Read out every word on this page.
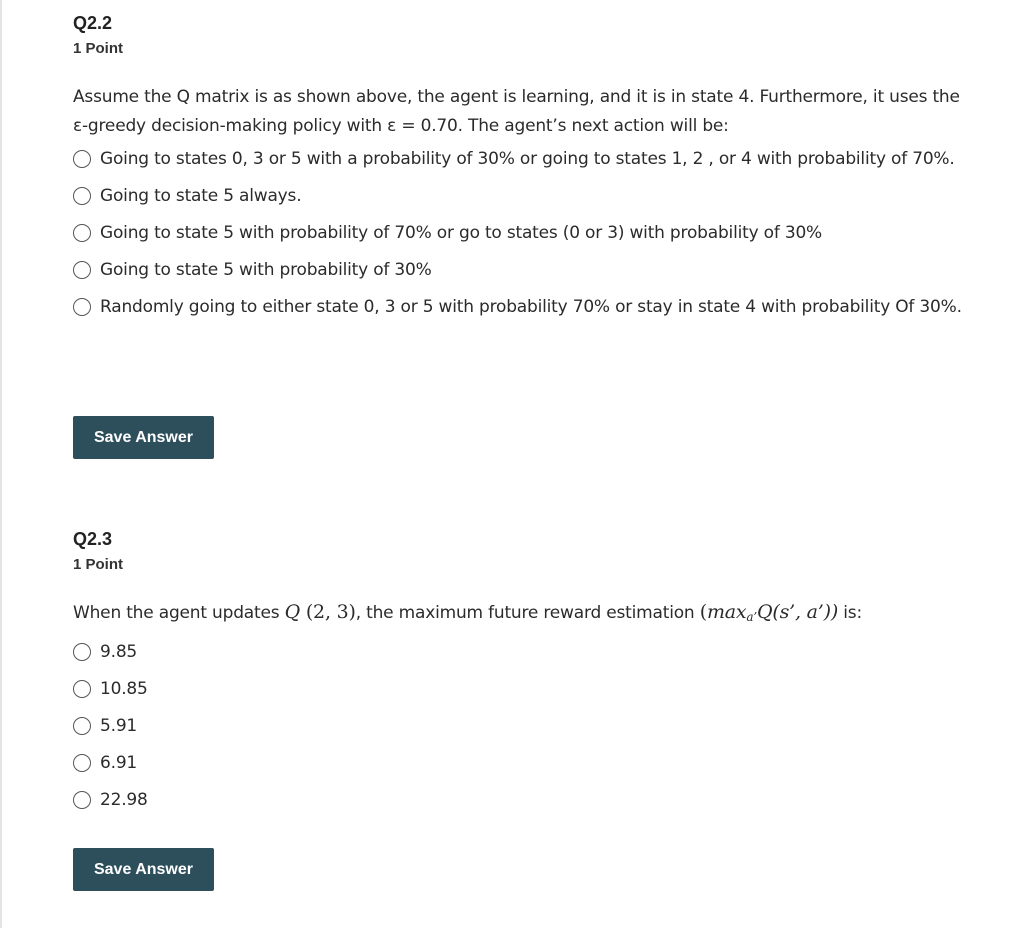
Q2.2
1 Point
Assume the Q matrix is as shown above, the agent is learning, and it is in state 4. Furthermore, it uses the ε-greedy decision-making policy with ε = 0.70. The agent’s next action will be:
Going to states 0, 3 or 5 with a probability of 30% or going to states 1, 2 , or 4 with probability of 70%.
Going to state 5 always.
Going to state 5 with probability of 70% or go to states (0 or 3) with probability of 30%
Going to state 5 with probability of 30%
Randomly going to either state 0, 3 or 5 with probability 70% or stay in state 4 with probability Of 30%.
Save Answer
Q2.3
1 Point
When the agent updates Q (2, 3), the maximum future reward estimation ($\max_{a’}Q(s$’, a’)) is:
9.85
10.85
5.91
6.91
22.98
Save Answer
